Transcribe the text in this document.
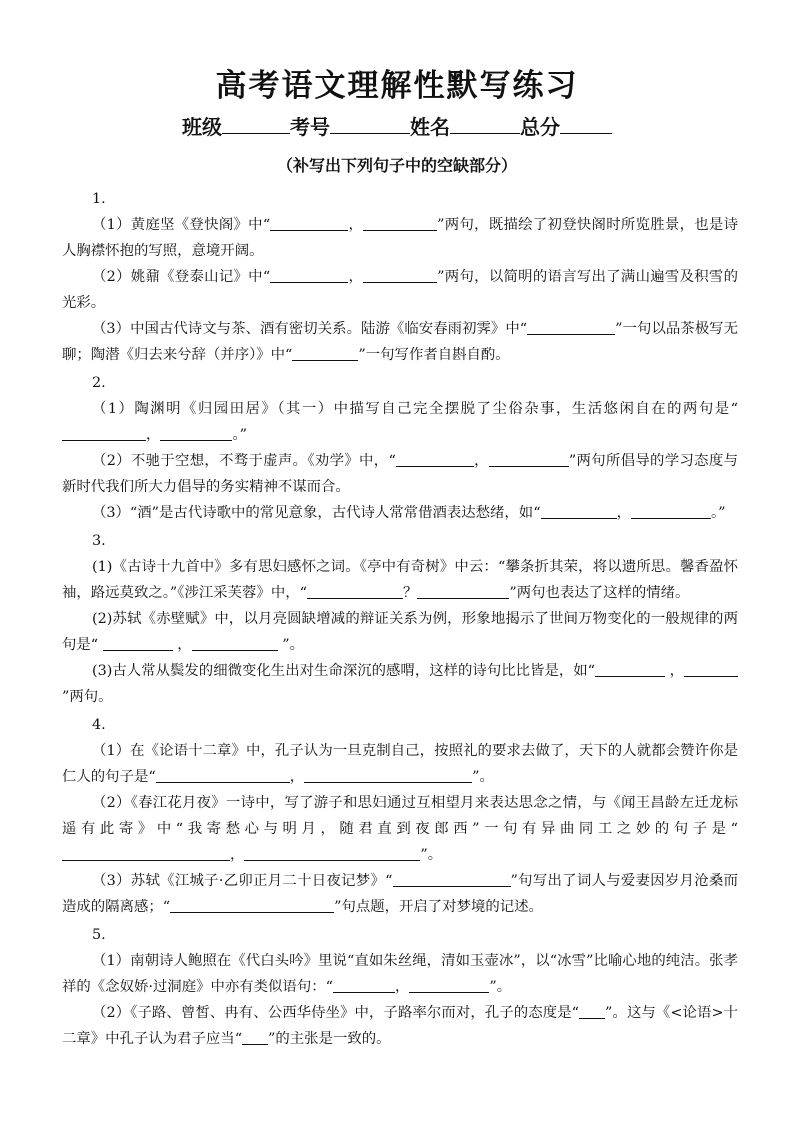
高考语文理解性默写练习
班级	考号	姓名	总分
（补写出下列句子中的空缺部分）
1.

（1）黄庭坚《登快阁》中“	，	”两句，既描绘了初登快阁时所览胜景，也是诗人胸襟怀抱的写照，意境开阔。

（2）姚鼐《登泰山记》中“	，	”两句，以简明的语言写出了满山遍雪及积雪的光彩。

（3）中国古代诗文与茶、酒有密切关系。陆游《临安春雨初霁》中“	”一句以品茶极写无聊；陶潜《归去来兮辞（并序）》中“	”一句写作者自斟自酌。

2.

（1）陶渊明《归园田居》（其一）中描写自己完全摆脱了尘俗杂事，生活悠闲自在的两句是“，	。”

（2）不驰于空想，不骛于虚声。《劝学》中，“	，	”两句所倡导的学习态度与新时代我们所大力倡导的务实精神不谋而合。

（3）“酒”是古代诗歌中的常见意象，古代诗人常常借酒表达愁绪，如“	，	。”

3.

(1)《古诗十九首中》多有思妇感怀之词。《亭中有奇树》中云：“攀条折其荣，将以遗所思。馨香盈怀袖，路远莫致之。”《涉江采芙蓉》中，“	？	”两句也表达了这样的情绪。

(2)苏轼《赤壁赋》中，以月亮圆缺增减的辩证关系为例，形象地揭示了世间万物变化的一般规律的两句是“	，	”。

(3)古人常从鬓发的细微变化生出对生命深沉的感喟，这样的诗句比比皆是，如“	， ”两句。

4.

（1）在《论语十二章》中，孔子认为一旦克制自己，按照礼的要求去做了，天下的人就都会赞许你是仁人的句子是“	，	”。

（2）《春江花月夜》一诗中，写了游子和思妇通过互相望月来表达思念之情，与《闻王昌龄左迁龙标遥有此寄》中“我寄愁心与明月，随君直到夜郎西”一句有异曲同工之妙的句子是“，	”。

（3）苏轼《江城子·乙卯正月二十日夜记梦》“	”句写出了词人与爱妻因岁月沧桑而造成的隔离感；“	”句点题，开启了对梦境的记述。

5.

（1）南朝诗人鲍照在《代白头吟》里说“直如朱丝绳，清如玉壶冰”，以“冰雪”比喻心地的纯洁。张孝祥的《念奴娇·过洞庭》中亦有类似语句：“	，	”。

（2）《子路、曾皙、冉有、公西华侍坐》中，子路率尔而对，孔子的态度是“ ”。这与《<论语>十二章》中孔子认为君子应当“ ”的主张是一致的。
